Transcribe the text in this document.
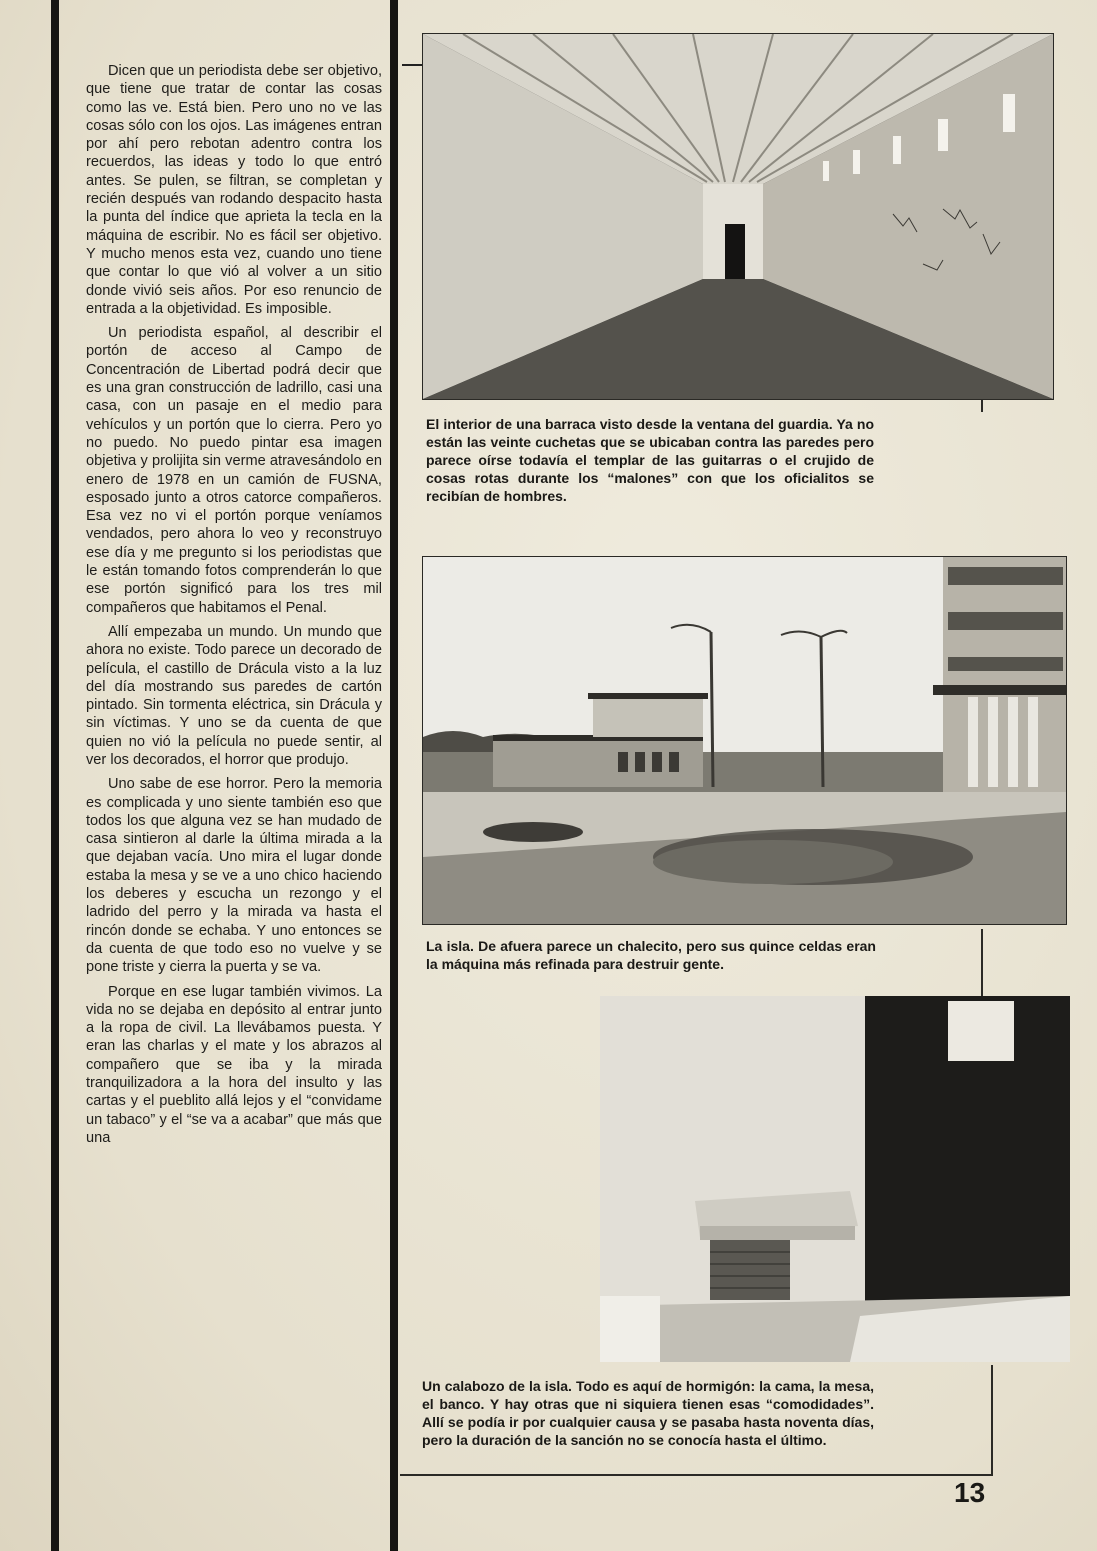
Dicen que un periodista debe ser objetivo, que tiene que tratar de contar las cosas como las ve. Está bien. Pero uno no ve las cosas sólo con los ojos. Las imágenes entran por ahí pero rebotan adentro contra los recuerdos, las ideas y todo lo que entró antes. Se pulen, se filtran, se completan y recién después van rodando despacito hasta la punta del índice que aprieta la tecla en la máquina de escribir. No es fácil ser objetivo. Y mucho menos esta vez, cuando uno tiene que contar lo que vió al volver a un sitio donde vivió seis años. Por eso renuncio de entrada a la objetividad. Es imposible.

Un periodista español, al describir el portón de acceso al Campo de Concentración de Libertad podrá decir que es una gran construcción de ladrillo, casi una casa, con un pasaje en el medio para vehículos y un portón que lo cierra. Pero yo no puedo. No puedo pintar esa imagen objetiva y prolijita sin verme atravesándolo en enero de 1978 en un camión de FUSNA, esposado junto a otros catorce compañeros. Esa vez no vi el portón porque veníamos vendados, pero ahora lo veo y reconstruyo ese día y me pregunto si los periodistas que le están tomando fotos comprenderán lo que ese portón significó para los tres mil compañeros que habitamos el Penal.

Allí empezaba un mundo. Un mundo que ahora no existe. Todo parece un decorado de película, el castillo de Drácula visto a la luz del día mostrando sus paredes de cartón pintado. Sin tormenta eléctrica, sin Drácula y sin víctimas. Y uno se da cuenta de que quien no vió la película no puede sentir, al ver los decorados, el horror que produjo.

Uno sabe de ese horror. Pero la memoria es complicada y uno siente también eso que todos los que alguna vez se han mudado de casa sintieron al darle la última mirada a la que dejaban vacía. Uno mira el lugar donde estaba la mesa y se ve a uno chico haciendo los deberes y escucha un rezongo y el ladrido del perro y la mirada va hasta el rincón donde se echaba. Y uno entonces se da cuenta de que todo eso no vuelve y se pone triste y cierra la puerta y se va.

Porque en ese lugar también vivimos. La vida no se dejaba en depósito al entrar junto a la ropa de civil. La llevábamos puesta. Y eran las charlas y el mate y los abrazos al compañero que se iba y la mirada tranquilizadora a la hora del insulto y las cartas y el pueblito allá lejos y el “convidame un tabaco” y el “se va a acabar” que más que una

El interior de una barraca visto desde la ventana del guardia. Ya no están las veinte cuchetas que se ubicaban contra las paredes pero parece oírse todavía el templar de las guitarras o el crujido de cosas rotas durante los “malones” con que los oficialitos se recibían de hombres.
La isla. De afuera parece un chalecito, pero sus quince celdas eran la máquina más refinada para destruir gente.
Un calabozo de la isla. Todo es aquí de hormigón: la cama, la mesa, el banco. Y hay otras que ni siquiera tienen esas “comodidades”. Allí se podía ir por cualquier causa y se pasaba hasta noventa días, pero la duración de la sanción no se conocía hasta el último.
13
